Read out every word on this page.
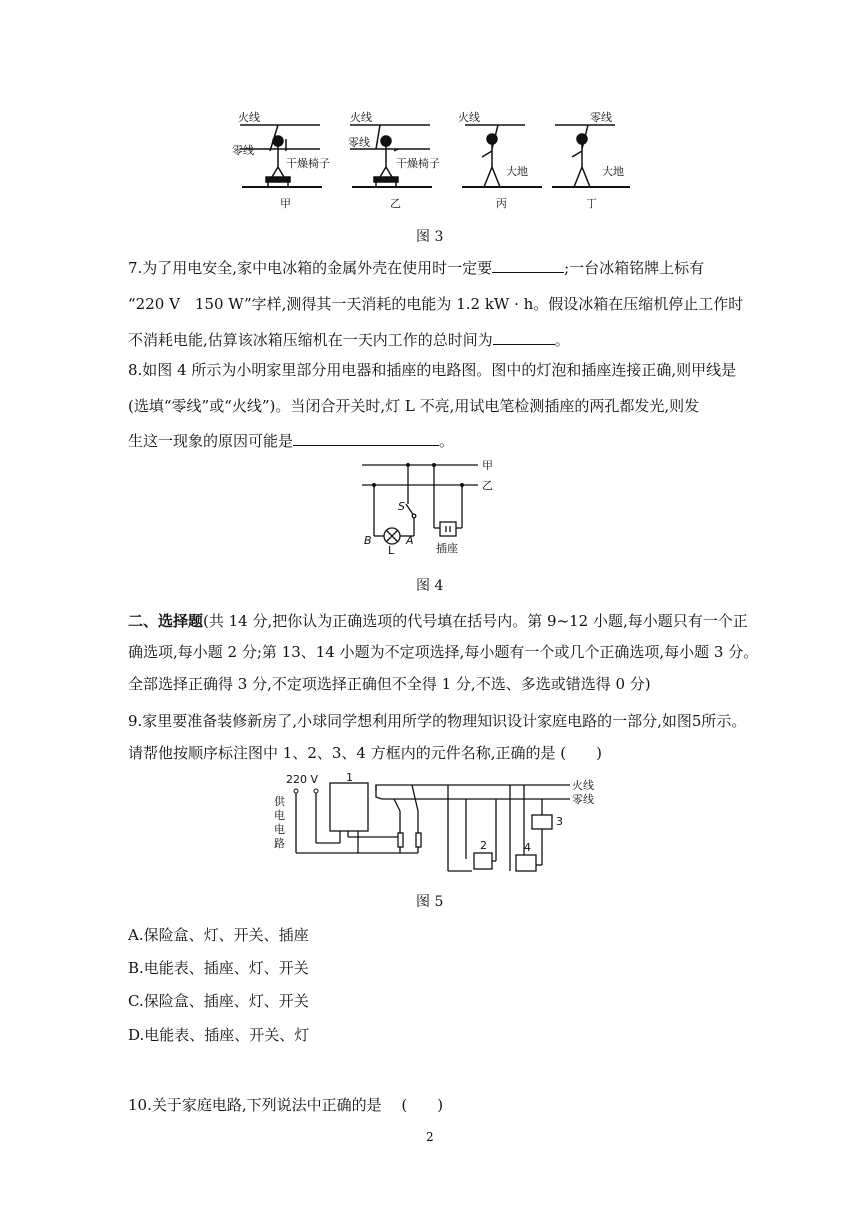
火线
零线
干燥椅子
火线
零线
干燥椅子
火线
大地
零线
大地
甲	乙	丙	丁
图 3
7.为了用电安全,家中电冰箱的金属外壳在使用时一定要	;一台冰箱铭牌上标有
“220 V　150 W”字样,测得其一天消耗的电能为 1.2 kW · h。假设冰箱在压缩机停止工作时
不消耗电能,估算该冰箱压缩机在一天内工作的总时间为	。
8.如图 4 所示为小明家里部分用电器和插座的电路图。图中的灯泡和插座连接正确,则甲线是
(选填“零线”或“火线”)。当闭合开关时,灯 L 不亮,用试电笔检测插座的两孔都发光,则发
生这一现象的原因可能是	。
甲
乙
S
L
B	A
插座
图 4
二、选择题(共 14 分,把你认为正确选项的代号填在括号内。第 9~12 小题,每小题只有一个正
确选项,每小题 2 分;第 13、14 小题为不定项选择,每小题有一个或几个正确选项,每小题 3 分。
全部选择正确得 3 分,不定项选择正确但不全得 1 分,不选、多选或错选得 0 分)
9.家里要准备装修新房了,小球同学想利用所学的物理知识设计家庭电路的一部分,如图5所示。
请帮他按顺序标注图中 1、2、3、4 方框内的元件名称,正确的是 (　　)
220 V
供
电
电
路
火线
零线
1
2
3
4
图 5
A.保险盒、灯、开关、插座
B.电能表、插座、灯、开关
C.保险盒、插座、灯、开关
D.电能表、插座、开关、灯
10.关于家庭电路,下列说法中正确的是　 (　　)
2
